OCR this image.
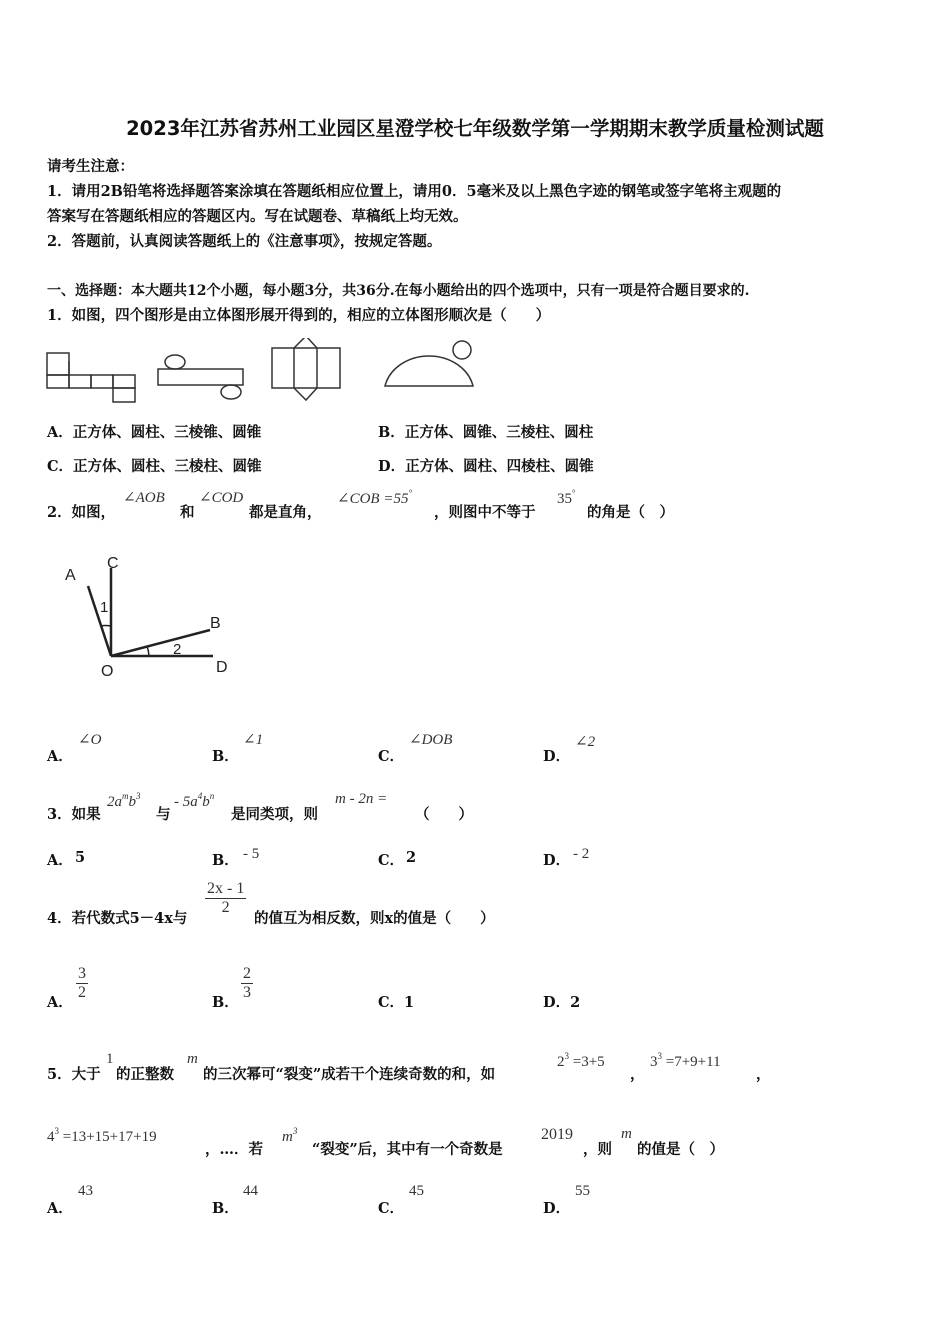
2023年江苏省苏州工业园区星澄学校七年级数学第一学期期末教学质量检测试题
请考生注意：
1．请用2B铅笔将选择题答案涂填在答题纸相应位置上，请用0．5毫米及以上黑色字迹的钢笔或签字笔将主观题的
答案写在答题纸相应的答题区内。写在试题卷、草稿纸上均无效。
2．答题前，认真阅读答题纸上的《注意事项》，按规定答题。
一、选择题：本大题共12个小题，每小题3分，共36分.在每小题给出的四个选项中，只有一项是符合题目要求的.
1．如图，四个图形是由立体图形展开得到的，相应的立体图形顺次是（　　）
A．正方体、圆柱、三棱锥、圆锥	B．正方体、圆锥、三棱柱、圆柱
C．正方体、圆柱、三棱柱、圆锥	D．正方体、圆柱、四棱柱、圆锥
2．如图，
∠AOB
和
∠COD
都是直角，
∠COB =55°
，则图中不等于
35°
的角是（　）
A
C
B
O	D
1
2
A．
∠O
B．
∠1
C．
∠DOB
D．
∠2
3．如果
$2a^mb^3$
与
- $5a^4b^n$
是同类项，则
m - 2n =
（　　）
A． 5	B． - 5	C． 2	D． - 2
4．若代数式5－4x与
2x - 1
2
的值互为相反数，则x的值是（　　）
A．
3
2
B．
2
3
C．1	D．2
5．大于
1
的正整数
m
的三次幂可“裂变”成若干个连续奇数的和，如
$2^3 =3+5$
，
$3^3 =7+9+11$
，
$4^3 =13+15+17+19$
，…．若
$m^3$
“裂变”后，其中有一个奇数是
2019
，则
m
的值是（　）
A．
43
B．
44
C．
45
D．
55
